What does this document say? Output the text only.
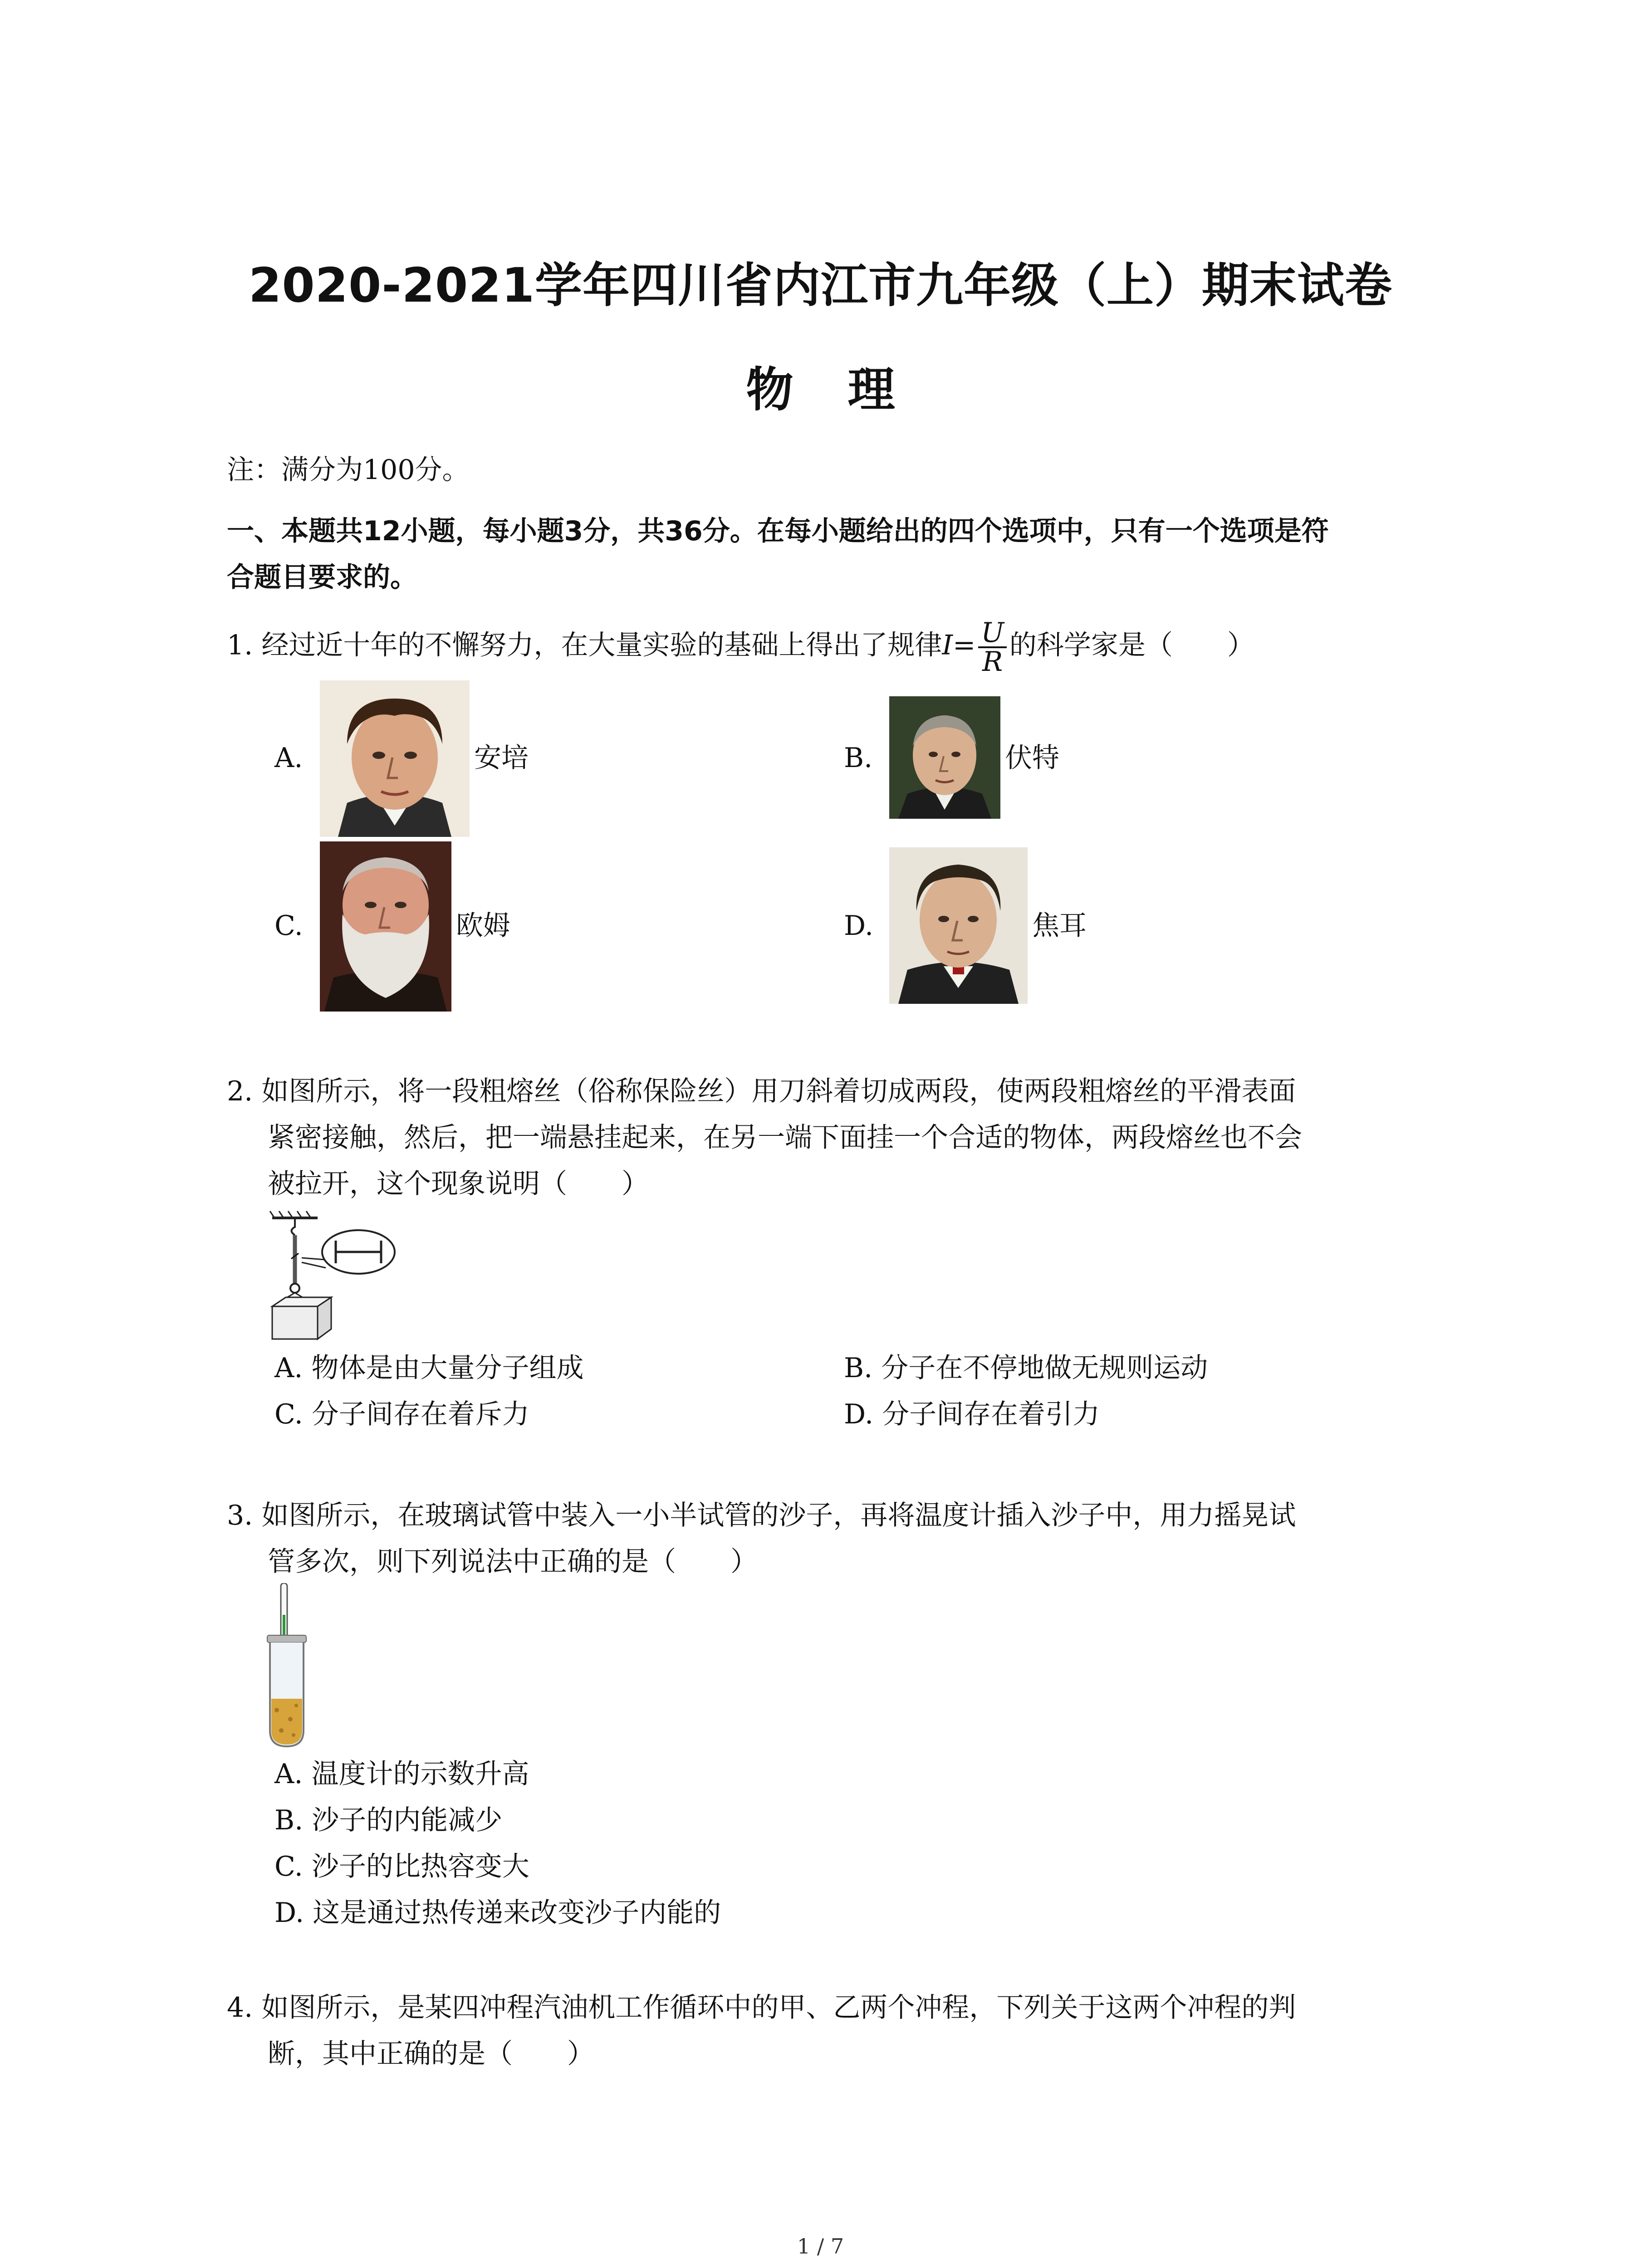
2020-2021学年四川省内江市九年级（上）期末试卷
物理
注：满分为100分。
一、本题共12小题，每小题3分，共36分。在每小题给出的四个选项中，只有一个选项是符
合题目要求的。
1. 经过近十年的不懈努力，在大量实验的基础上得出了规律$I= \frac{U}{R}$ 的科学家是（　　）
A.	安培	B.	伏特
C.	欧姆	D.	焦耳
2. 如图所示，将一段粗熔丝（俗称保险丝）用刀斜着切成两段，使两段粗熔丝的平滑表面
紧密接触，然后，把一端悬挂起来，在另一端下面挂一个合适的物体，两段熔丝也不会
被拉开，这个现象说明（　　）
A. 物体是由大量分子组成	B. 分子在不停地做无规则运动
C. 分子间存在着斥力	D. 分子间存在着引力
3. 如图所示，在玻璃试管中装入一小半试管的沙子，再将温度计插入沙子中，用力摇晃试
管多次，则下列说法中正确的是（　　）
A. 温度计的示数升高
B. 沙子的内能减少
C. 沙子的比热容变大
D. 这是通过热传递来改变沙子内能的
4. 如图所示，是某四冲程汽油机工作循环中的甲、乙两个冲程，下列关于这两个冲程的判
断，其中正确的是（　　）
1 / 7
